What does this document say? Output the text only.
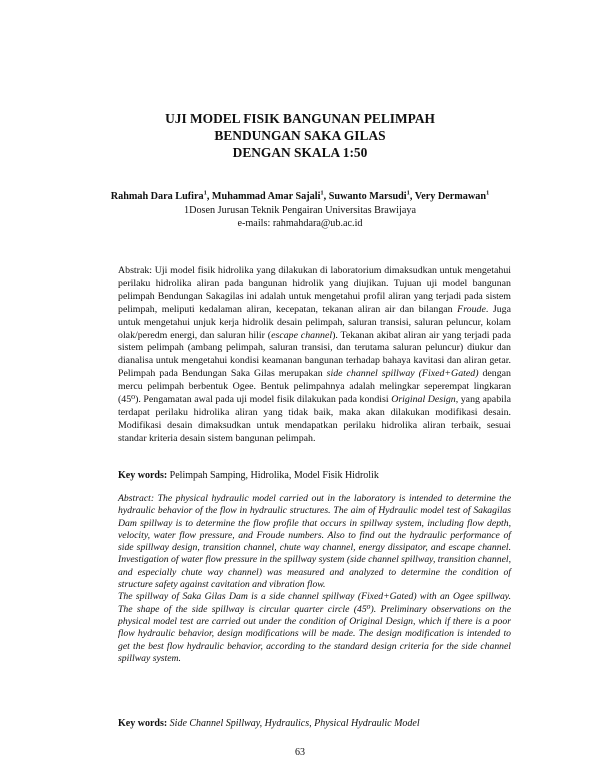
UJI MODEL FISIK BANGUNAN PELIMPAH
BENDUNGAN SAKA GILAS
DENGAN SKALA 1:50
Rahmah Dara Lufira$^1$, Muhammad Amar Sajali$^1$, Suwanto Marsudi$^1$, Very Dermawan$^1$
1Dosen Jurusan Teknik Pengairan Universitas Brawijaya
e-mails: rahmahdara@ub.ac.id
Abstrak: Uji model fisik hidrolika yang dilakukan di laboratorium dimaksudkan untuk mengetahui perilaku hidrolika aliran pada bangunan hidrolik yang diujikan. Tujuan uji model bangunan pelimpah Bendungan Sakagilas ini adalah untuk mengetahui profil aliran yang terjadi pada sistem pelimpah, meliputi kedalaman aliran, kecepatan, tekanan aliran air dan bilangan Froude. Juga untuk mengetahui unjuk kerja hidrolik desain pelimpah, saluran transisi, saluran peluncur, kolam olak/peredm energi, dan saluran hilir (escape channel). Tekanan akibat aliran air yang terjadi pada sistem pelimpah (ambang pelimpah, saluran transisi, dan terutama saluran peluncur) diukur dan dianalisa untuk mengetahui kondisi keamanan bangunan terhadap bahaya kavitasi dan aliran getar. Pelimpah pada Bendungan Saka Gilas merupakan side channel spillway (Fixed+Gated) dengan mercu pelimpah berbentuk Ogee. Bentuk pelimpahnya adalah melingkar seperempat lingkaran (45⁰). Pengamatan awal pada uji model fisik dilakukan pada kondisi Original Design, yang apabila terdapat perilaku hidrolika aliran yang tidak baik, maka akan dilakukan modifikasi desain. Modifikasi desain dimaksudkan untuk mendapatkan perilaku hidrolika aliran terbaik, sesuai standar kriteria desain sistem bangunan pelimpah.
Key words: Pelimpah Samping, Hidrolika, Model Fisik Hidrolik
Abstract: The physical hydraulic model carried out in the laboratory is intended to determine the hydraulic behavior of the flow in hydraulic structures. The aim of Hydraulic model test of Sakagilas Dam spillway is to determine the flow profile that occurs in spillway system, including flow depth, velocity, water flow pressure, and Froude numbers. Also to find out the hydraulic performance of side spillway design, transition channel, chute way channel, energy dissipator, and escape channel. Investigation of water flow pressure in the spillway system (side channel spillway, transition channel, and especially chute way channel) was measured and analyzed to determine the condition of structure safety against cavitation and vibration flow.
The spillway of Saka Gilas Dam is a side channel spillway (Fixed+Gated) with an Ogee spillway. The shape of the side spillway is circular quarter circle (45⁰). Preliminary observations on the physical model test are carried out under the condition of Original Design, which if there is a poor flow hydraulic behavior, design modifications will be made. The design modification is intended to get the best flow hydraulic behavior, according to the standard design criteria for the side channel spillway system.
Key words: Side Channel Spillway, Hydraulics, Physical Hydraulic Model
63
